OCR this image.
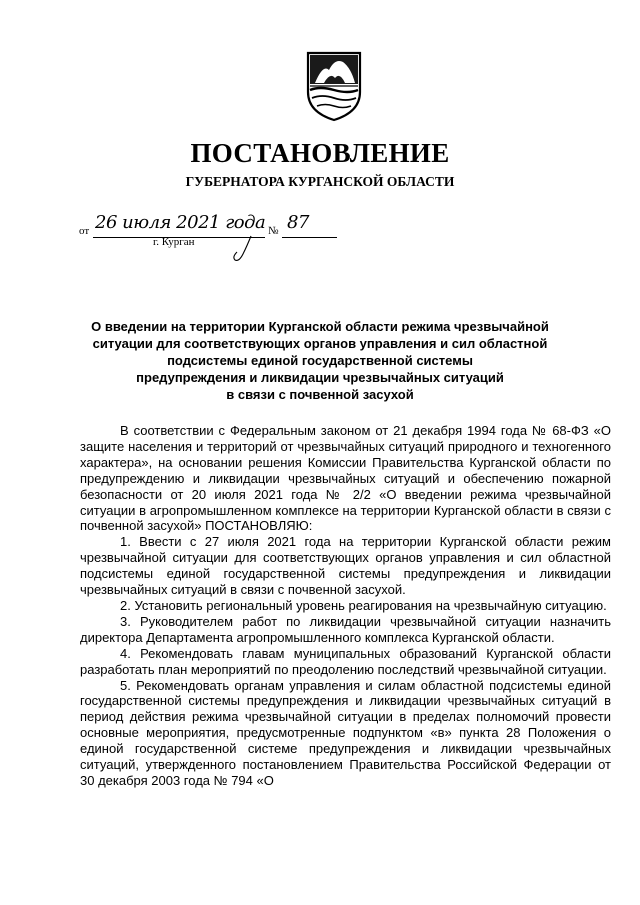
ПОСТАНОВЛЕНИЕ
ГУБЕРНАТОРА КУРГАНСКОЙ ОБЛАСТИ
от 26 июля 2021 года № 87
г. Курган
О введении на территории Курганской области режима чрезвычайной
ситуации для соответствующих органов управления и сил областной
подсистемы единой государственной системы
предупреждения и ликвидации чрезвычайных ситуаций
в связи с почвенной засухой

В соответствии с Федеральным законом от 21 декабря 1994 года № 68-ФЗ «О защите населения и территорий от чрезвычайных ситуаций природного и техногенного характера», на основании решения Комиссии Правительства Курганской области по предупреждению и ликвидации чрезвычайных ситуаций и обеспечению пожарной безопасности от 20 июля 2021 года № 2/2 «О введении режима чрезвычайной ситуации в агропромышленном комплексе на территории Курганской области в связи с почвенной засухой» ПОСТАНОВЛЯЮ:

1. Ввести с 27 июля 2021 года на территории Курганской области режим чрезвычайной ситуации для соответствующих органов управления и сил областной подсистемы единой государственной системы предупреждения и ликвидации чрезвычайных ситуаций в связи с почвенной засухой.

2. Установить региональный уровень реагирования на чрезвычайную ситуацию.

3. Руководителем работ по ликвидации чрезвычайной ситуации назначить директора Департамента агропромышленного комплекса Курганской области.

4. Рекомендовать главам муниципальных образований Курганской области разработать план мероприятий по преодолению последствий чрезвычайной ситуации.

5. Рекомендовать органам управления и силам областной подсистемы единой государственной системы предупреждения и ликвидации чрезвычайных ситуаций в период действия режима чрезвычайной ситуации в пределах полномочий провести основные мероприятия, предусмотренные подпунктом «в» пункта 28 Положения о единой государственной системе предупреждения и ликвидации чрезвычайных ситуаций, утвержденного постановлением Правительства Российской Федерации от 30 декабря 2003 года № 794 «О
